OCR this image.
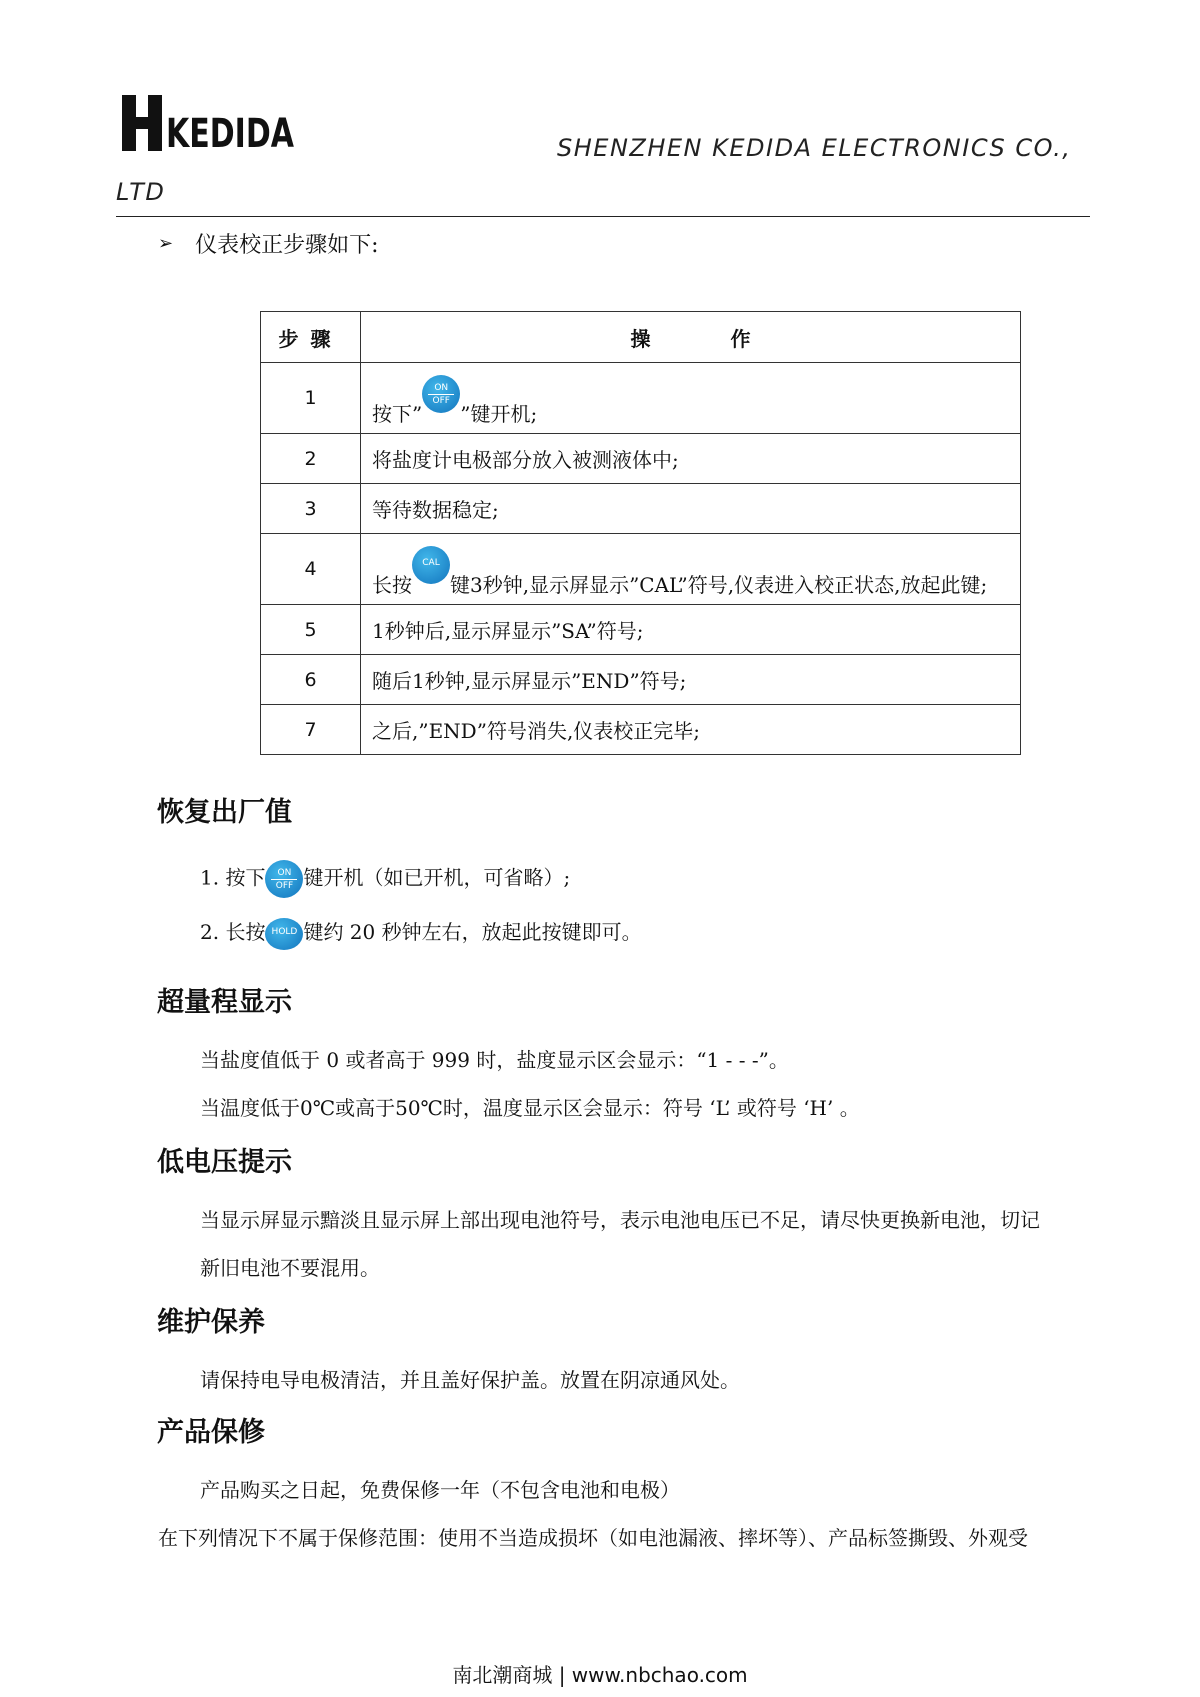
KEDIDA	SHENZHEN KEDIDA ELECTRONICS CO.,
LTD
➢ 仪表校正步骤如下:
步骤	操 作
1	按下”
ON
OFF
”键开机;
2	将盐度计电极部分放入被测液体中;
3	等待数据稳定;
4	长按
CAL
键3秒钟,显示屏显示”CAL”符号,仪表进入校正状态,放起此键;
5	1秒钟后,显示屏显示”SA”符号;
6	随后1秒钟,显示屏显示”END”符号;
7	之后,”END”符号消失,仪表校正完毕;
恢复出厂值
1. 按下	ON
OFF 键开机（如已开机，可省略）;
2. 长按 HOLD 键约 20 秒钟左右，放起此按键即可。
超量程显示
当盐度值低于 0 或者高于 999 时，盐度显示区会显示：“1 - - -”。
当温度低于0℃或高于50℃时，温度显示区会显示：符号 ‘L’ 或符号 ‘H’ 。
低电压提示
当显示屏显示黯淡且显示屏上部出现电池符号，表示电池电压已不足，请尽快更换新电池，切记
新旧电池不要混用。
维护保养
请保持电导电极清洁，并且盖好保护盖。放置在阴凉通风处。
产品保修
产品购买之日起，免费保修一年（不包含电池和电极）
在下列情况下不属于保修范围：使用不当造成损坏（如电池漏液、摔坏等）、产品标签撕毁、外观受
南北潮商城 | www.nbchao.com
